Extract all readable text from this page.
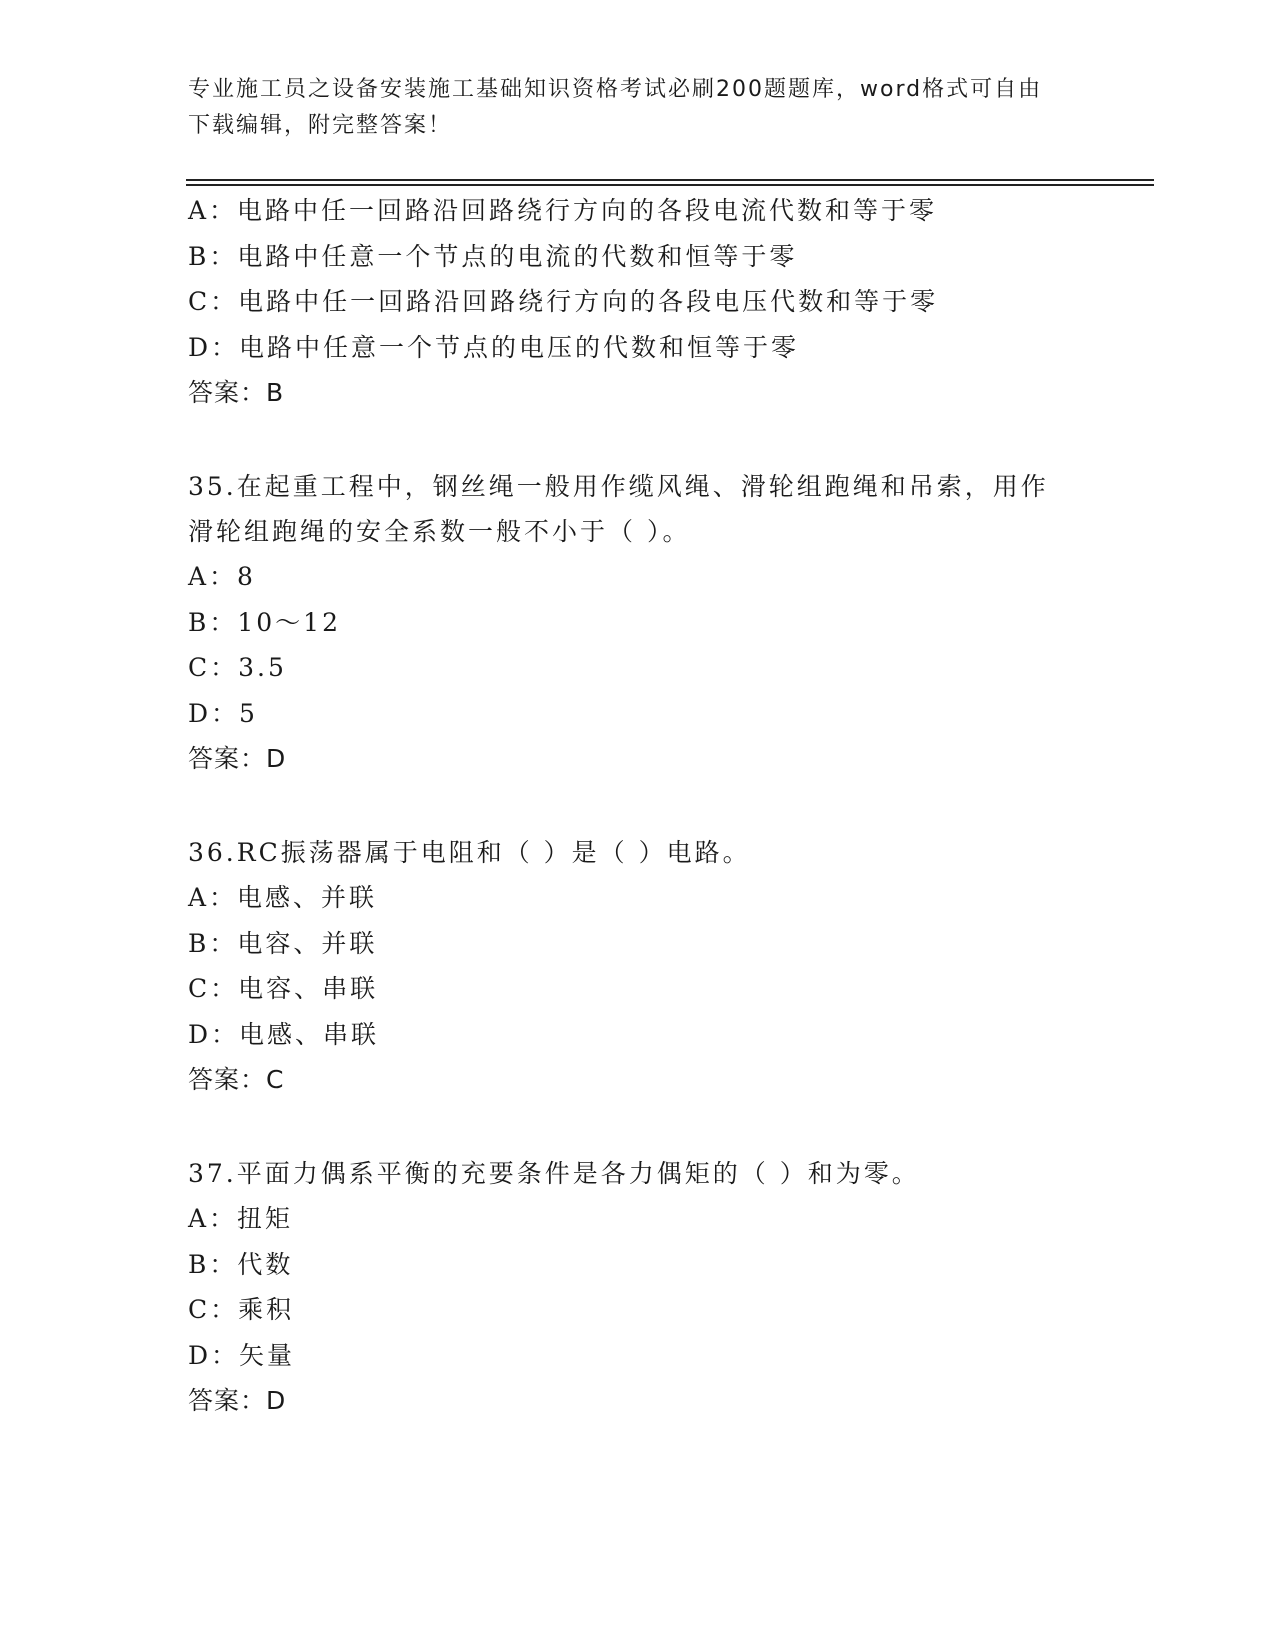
专业施工员之设备安装施工基础知识资格考试必刷200题题库，word格式可自由
下载编辑，附完整答案！

A：电路中任一回路沿回路绕行方向的各段电流代数和等于零

B：电路中任意一个节点的电流的代数和恒等于零

C：电路中任一回路沿回路绕行方向的各段电压代数和等于零

D：电路中任意一个节点的电压的代数和恒等于零

答案：B

35.在起重工程中，钢丝绳一般用作缆风绳、滑轮组跑绳和吊索，用作

滑轮组跑绳的安全系数一般不小于（ ）。

A：8

B：10～12

C：3.5

D：5

答案：D

36.RC振荡器属于电阻和（ ）是（ ）电路。

A：电感、并联

B：电容、并联

C：电容、串联

D：电感、串联

答案：C

37.平面力偶系平衡的充要条件是各力偶矩的（ ）和为零。

A：扭矩

B：代数

C：乘积

D：矢量

答案：D
